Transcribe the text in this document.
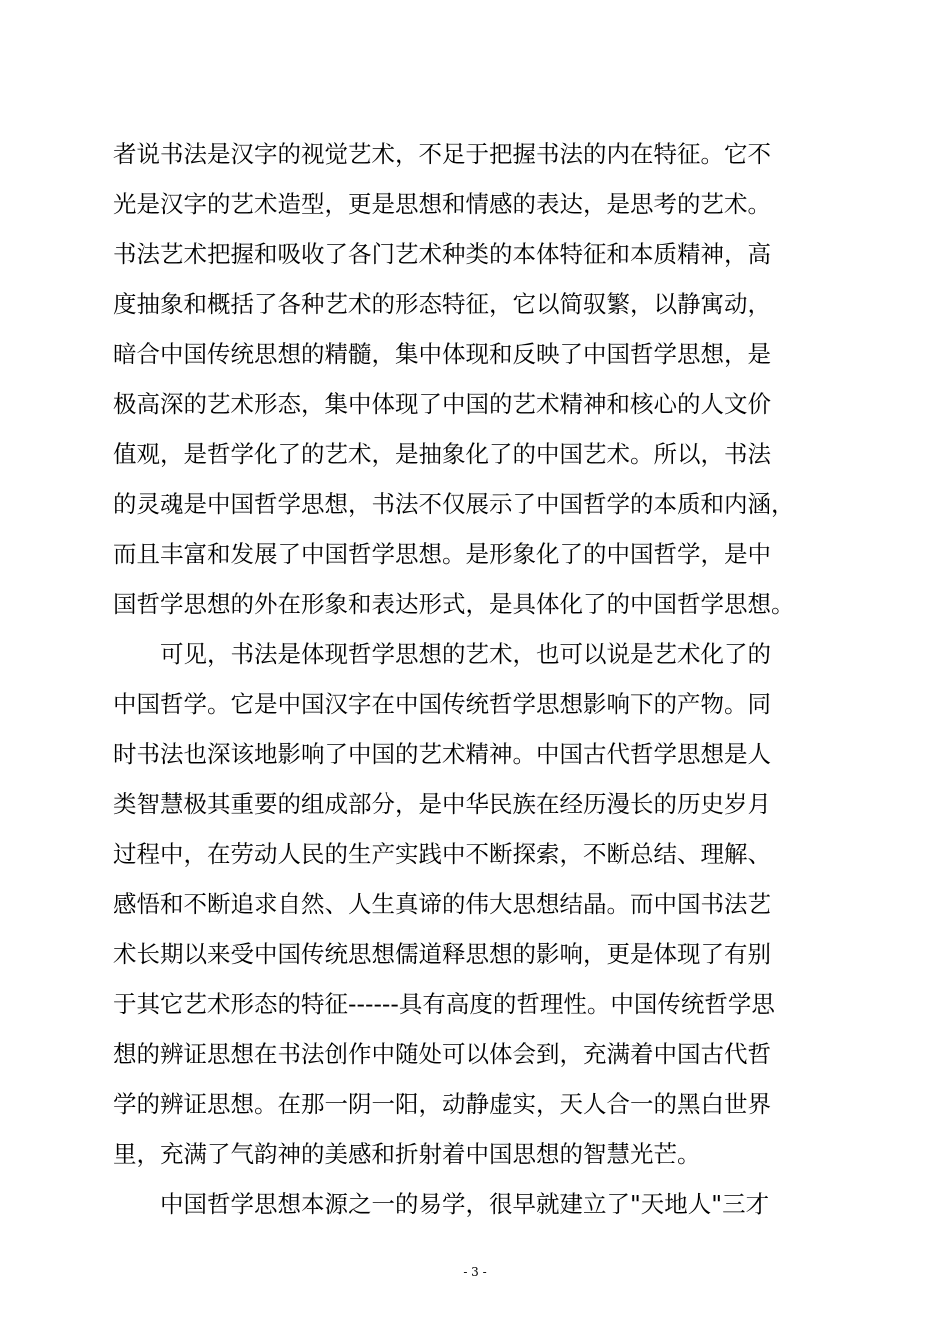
者说书法是汉字的视觉艺术，不足于把握书法的内在特征。它不
光是汉字的艺术造型，更是思想和情感的表达，是思考的艺术。
书法艺术把握和吸收了各门艺术种类的本体特征和本质精神，高
度抽象和概括了各种艺术的形态特征，它以简驭繁，以静寓动，
暗合中国传统思想的精髓，集中体现和反映了中国哲学思想，是
极高深的艺术形态，集中体现了中国的艺术精神和核心的人文价
值观，是哲学化了的艺术，是抽象化了的中国艺术。所以，书法
的灵魂是中国哲学思想，书法不仅展示了中国哲学的本质和内涵，
而且丰富和发展了中国哲学思想。是形象化了的中国哲学，是中
国哲学思想的外在形象和表达形式，是具体化了的中国哲学思想。
可见，书法是体现哲学思想的艺术，也可以说是艺术化了的
中国哲学。它是中国汉字在中国传统哲学思想影响下的产物。同
时书法也深该地影响了中国的艺术精神。中国古代哲学思想是人
类智慧极其重要的组成部分，是中华民族在经历漫长的历史岁月
过程中，在劳动人民的生产实践中不断探索，不断总结、理解、
感悟和不断追求自然、人生真谛的伟大思想结晶。而中国书法艺
术长期以来受中国传统思想儒道释思想的影响，更是体现了有别
于其它艺术形态的特征------具有高度的哲理性。中国传统哲学思
想的辨证思想在书法创作中随处可以体会到，充满着中国古代哲
学的辨证思想。在那一阴一阳，动静虚实，天人合一的黑白世界
里，充满了气韵神的美感和折射着中国思想的智慧光芒。
中国哲学思想本源之一的易学，很早就建立了"天地人"三才
- 3 -
